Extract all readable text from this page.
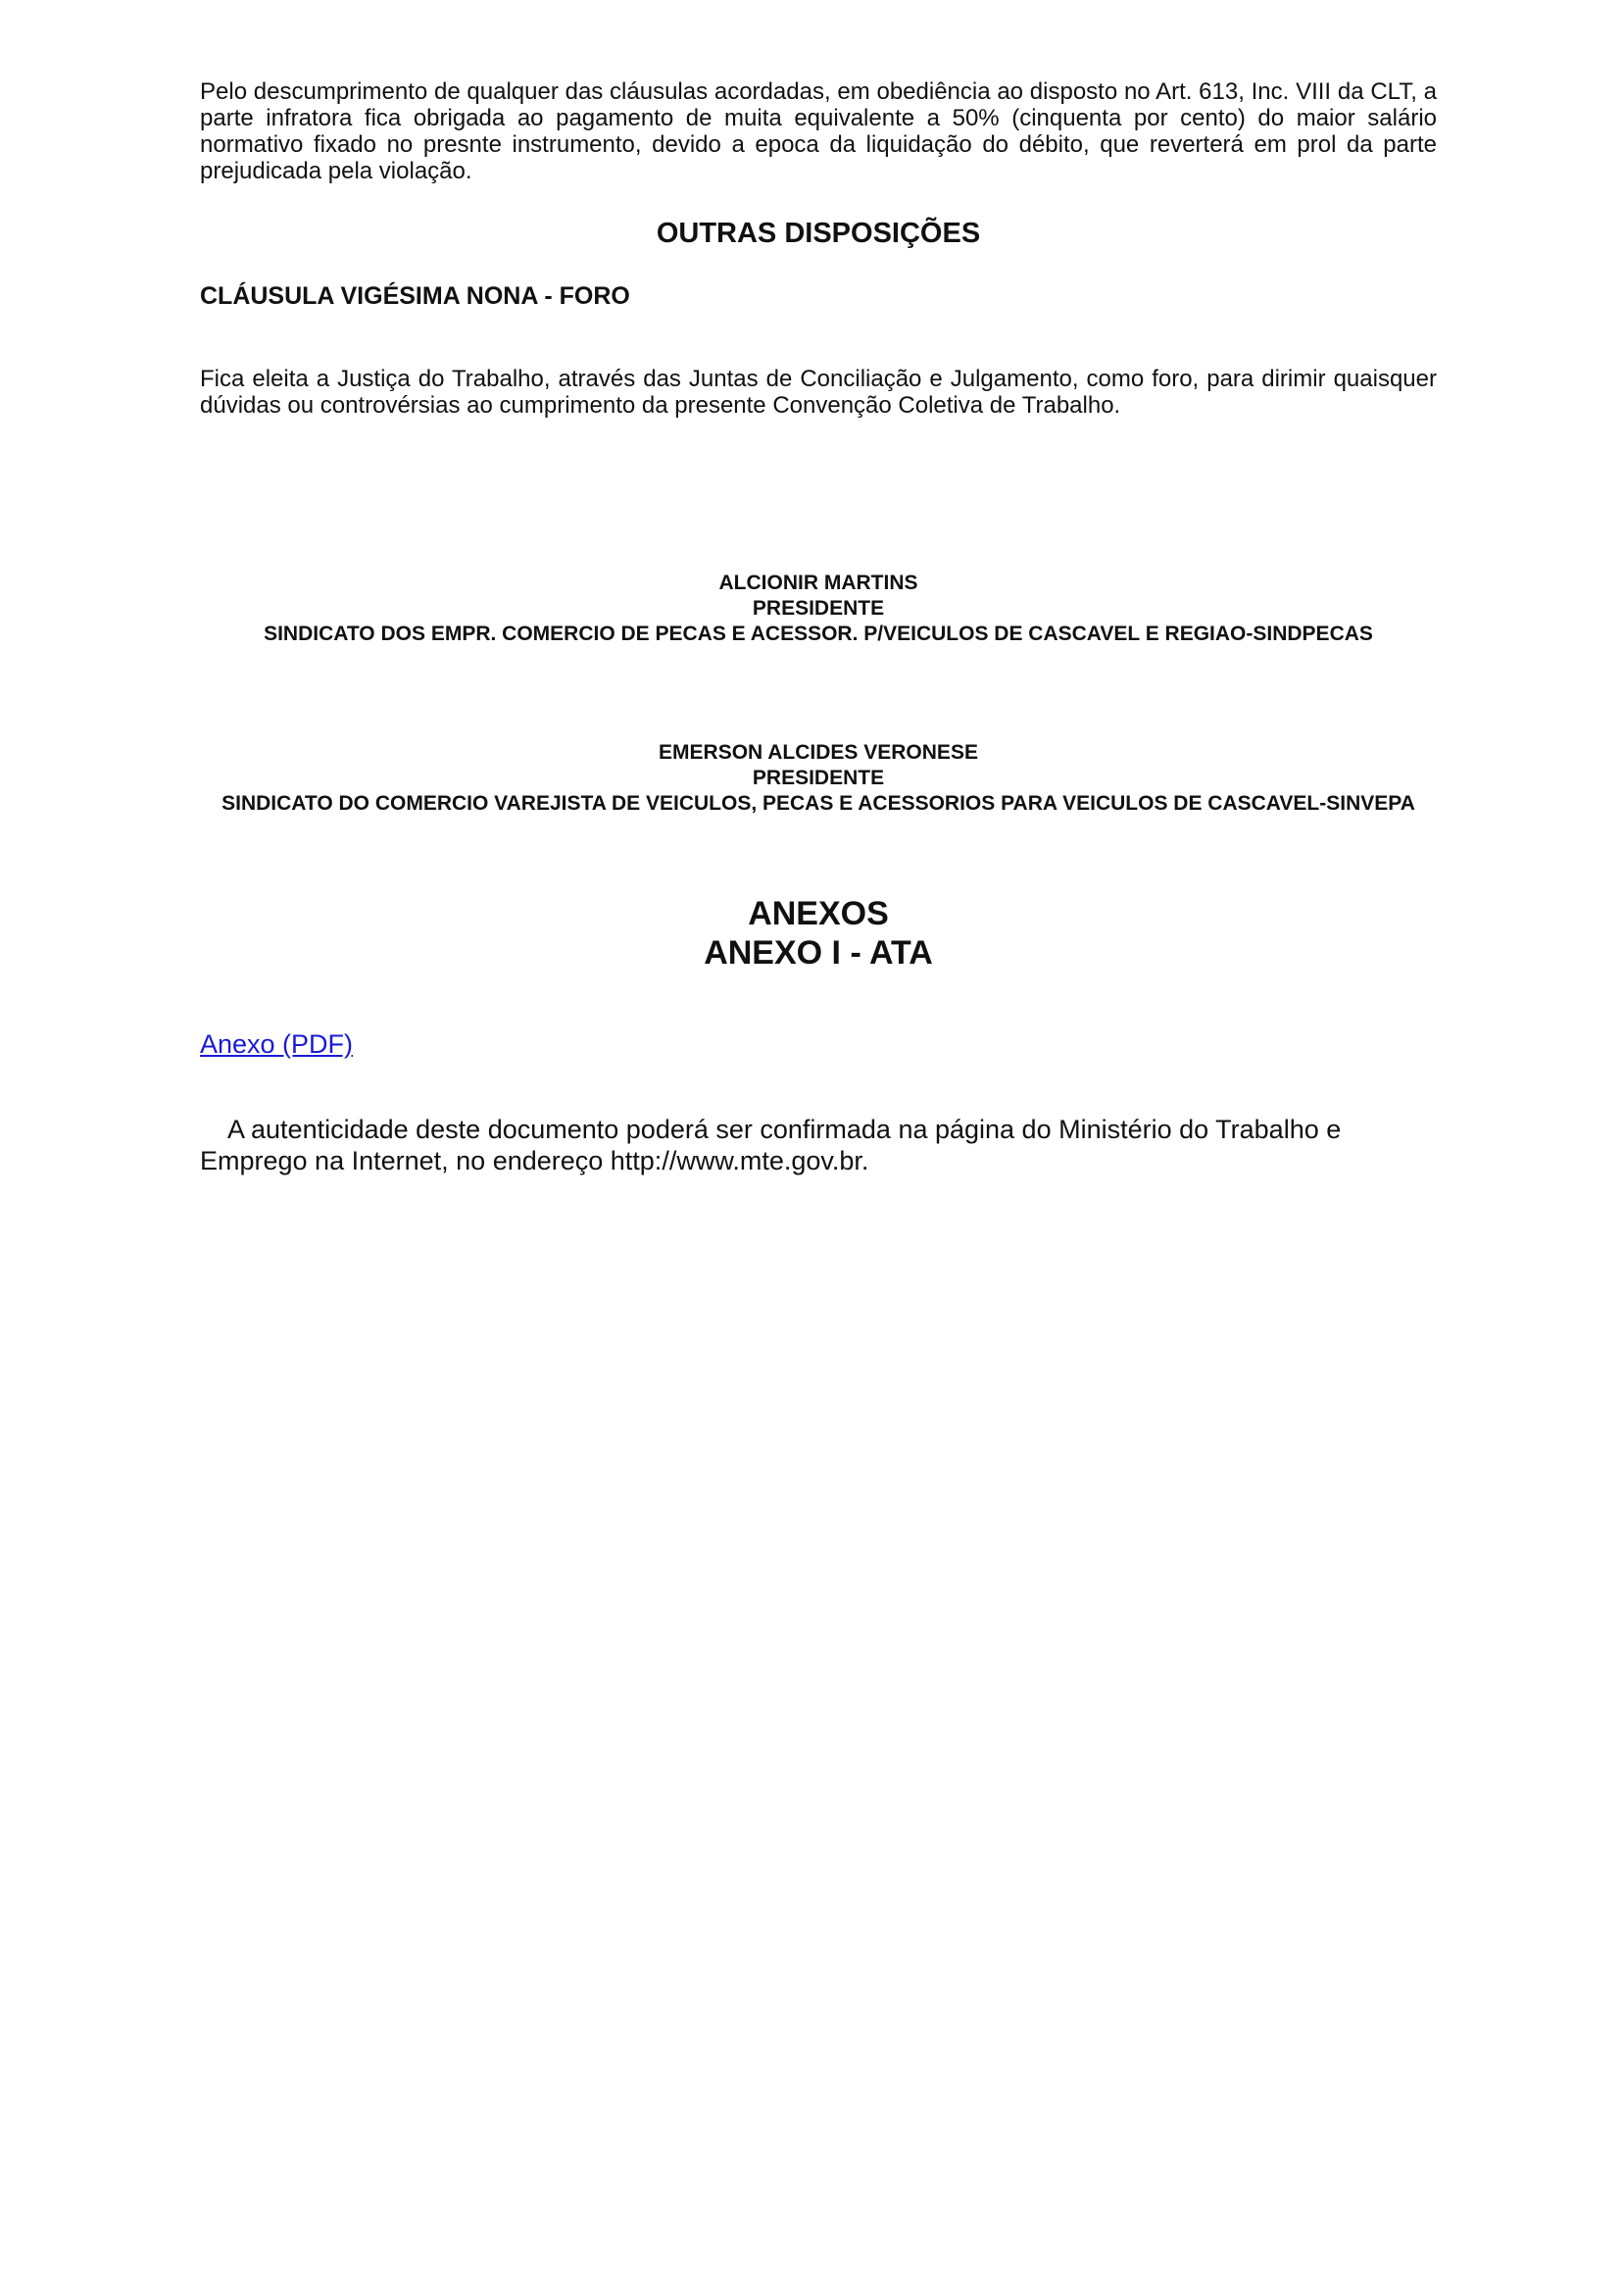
Pelo descumprimento de qualquer das cláusulas acordadas, em obediência ao disposto no Art. 613, Inc. VIII da CLT, a parte infratora fica obrigada ao pagamento de muita equivalente a 50% (cinquenta por cento) do maior salário normativo fixado no presnte instrumento, devido a epoca da liquidação do débito, que reverterá em prol da parte prejudicada pela violação.

OUTRAS DISPOSIÇÕES
CLÁUSULA VIGÉSIMA NONA - FORO

Fica eleita a Justiça do Trabalho, através das Juntas de Conciliação e Julgamento, como foro, para dirimir quaisquer dúvidas ou controvérsias ao cumprimento da presente Convenção Coletiva de Trabalho.

ALCIONIR MARTINS
PRESIDENTE
SINDICATO DOS EMPR. COMERCIO DE PECAS E ACESSOR. P/VEICULOS DE CASCAVEL E REGIAO-SINDPECAS
EMERSON ALCIDES VERONESE
PRESIDENTE
SINDICATO DO COMERCIO VAREJISTA DE VEICULOS, PECAS E ACESSORIOS PARA VEICULOS DE CASCAVEL-SINVEPA
ANEXOS
ANEXO I - ATA
Anexo (PDF)

A autenticidade deste documento poderá ser confirmada na página do Ministério do Trabalho e Emprego na Internet, no endereço http://www.mte.gov.br.
